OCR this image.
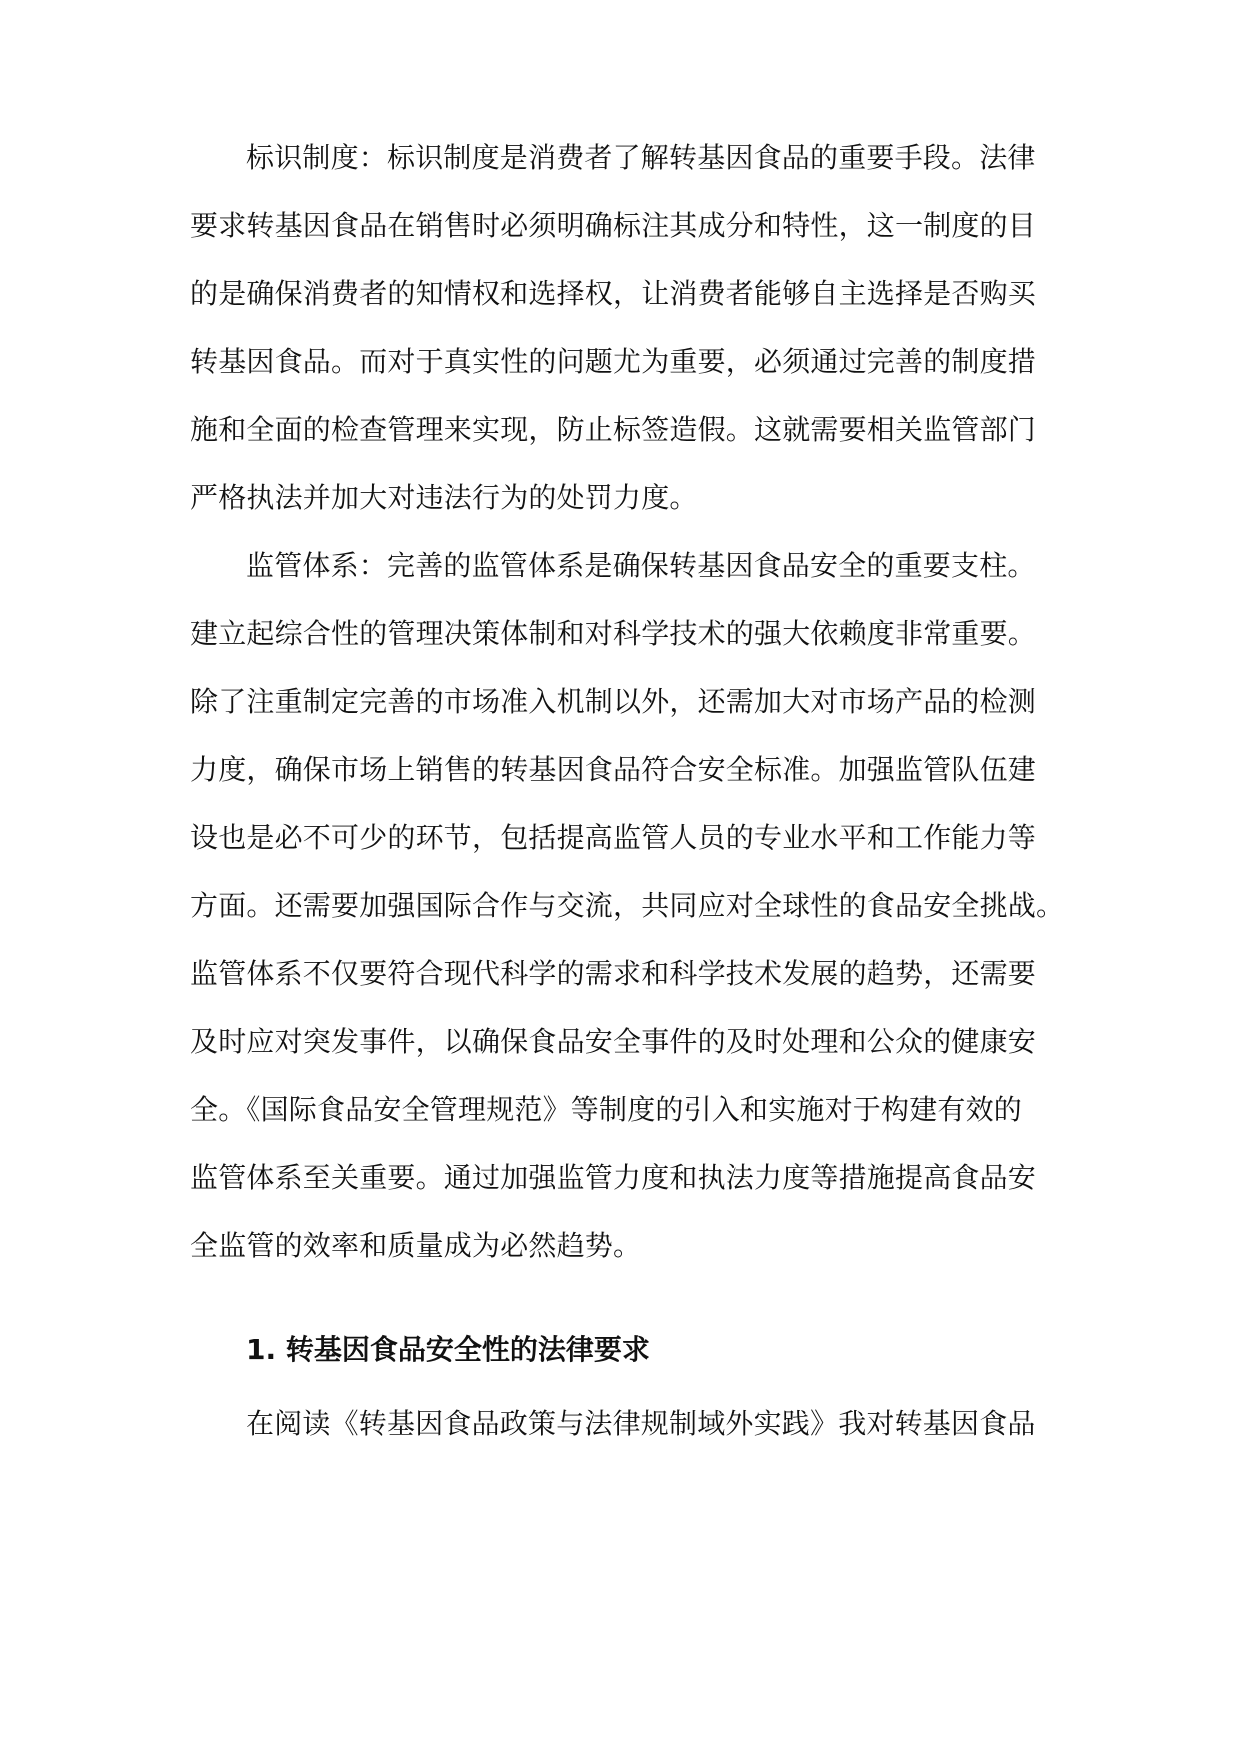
标识制度：标识制度是消费者了解转基因食品的重要手段。法律
要求转基因食品在销售时必须明确标注其成分和特性，这一制度的目
的是确保消费者的知情权和选择权，让消费者能够自主选择是否购买
转基因食品。而对于真实性的问题尤为重要，必须通过完善的制度措
施和全面的检查管理来实现，防止标签造假。这就需要相关监管部门
严格执法并加大对违法行为的处罚力度。
监管体系：完善的监管体系是确保转基因食品安全的重要支柱。
建立起综合性的管理决策体制和对科学技术的强大依赖度非常重要。
除了注重制定完善的市场准入机制以外，还需加大对市场产品的检测
力度，确保市场上销售的转基因食品符合安全标准。加强监管队伍建
设也是必不可少的环节，包括提高监管人员的专业水平和工作能力等
方面。还需要加强国际合作与交流，共同应对全球性的食品安全挑战。
监管体系不仅要符合现代科学的需求和科学技术发展的趋势，还需要
及时应对突发事件，以确保食品安全事件的及时处理和公众的健康安
全。《国际食品安全管理规范》等制度的引入和实施对于构建有效的
监管体系至关重要。通过加强监管力度和执法力度等措施提高食品安
全监管的效率和质量成为必然趋势。
1. 转基因食品安全性的法律要求
在阅读《转基因食品政策与法律规制域外实践》我对转基因食品
